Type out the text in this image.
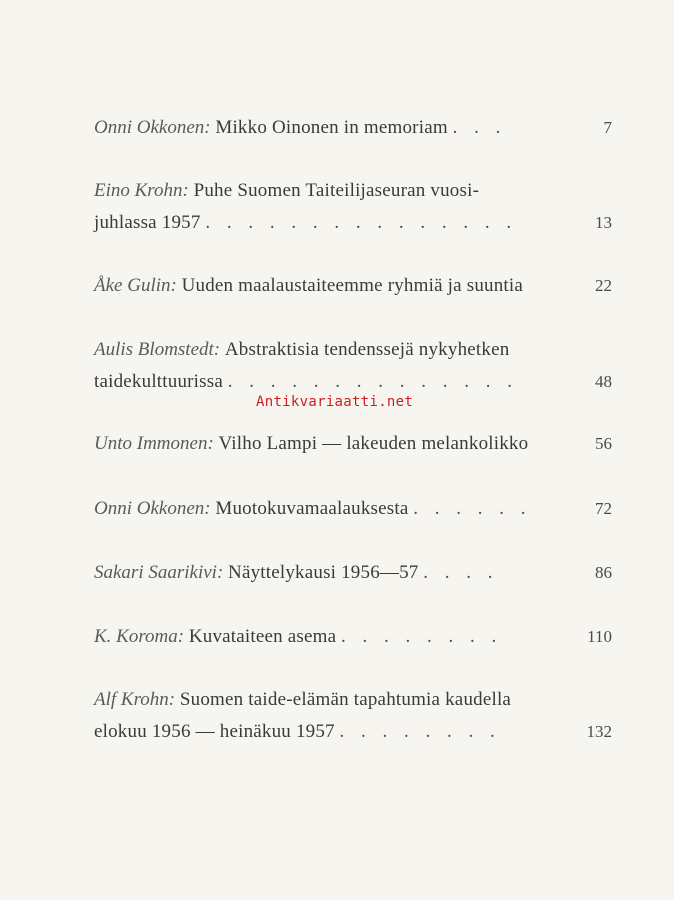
Onni Okkonen: Mikko Oinonen in memoriam . . .	7
Eino Krohn: Puhe Suomen Taiteilijaseuran vuosi-
juhlassa 1957 . . . . . . . . . . . . . . .	13
Åke Gulin: Uuden maalaustaiteemme ryhmiä ja suuntia	22
Aulis Blomstedt: Abstraktisia tendenssejä nykyhetken
taidekulttuurissa . . . . . . . . . . . . . .	48
Unto Immonen: Vilho Lampi — lakeuden melankolikko	56
Onni Okkonen: Muotokuvamaalauksesta . . . . . .	72
Sakari Saarikivi: Näyttelykausi 1956—57 . . . .	86
K. Koroma: Kuvataiteen asema . . . . . . . .	110
Alf Krohn: Suomen taide-elämän tapahtumia kaudella
elokuu 1956 — heinäkuu 1957 . . . . . . . .	132
Antikvariaatti.net
